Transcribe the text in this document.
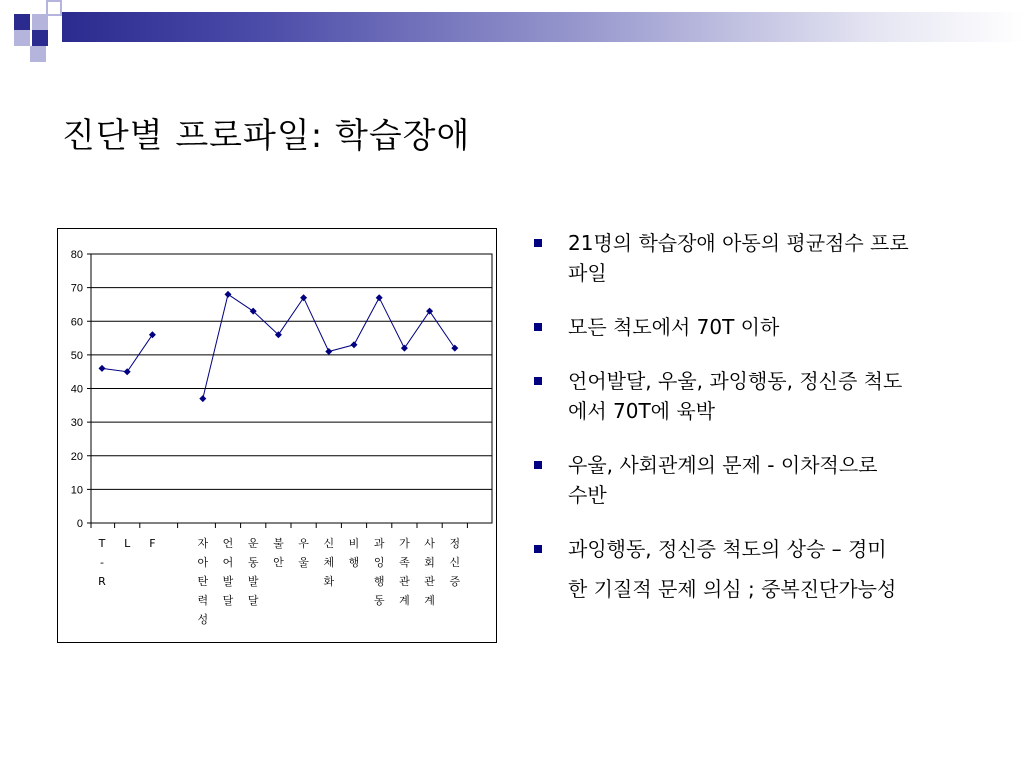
진단별 프로파일: 학습장애
0
10
20
30
40
50
60
70
80
T -R
L F	자 아 탄 력 성
언 어 발 달
운 동 발 달
불 안
우 울
신 체 화
비 행
과 잉 행 동
가 족 관 계
사 회 관 계
정 신 증
21명의 학습장애 아동의 평균점수 프로
파일
모든 척도에서 70T 이하
언어발달, 우울, 과잉행동, 정신증 척도
에서 70T에 육박
우울, 사회관계의 문제 - 이차적으로
수반
과잉행동, 정신증 척도의 상승 – 경미
한 기질적 문제 의심 ; 중복진단가능성
